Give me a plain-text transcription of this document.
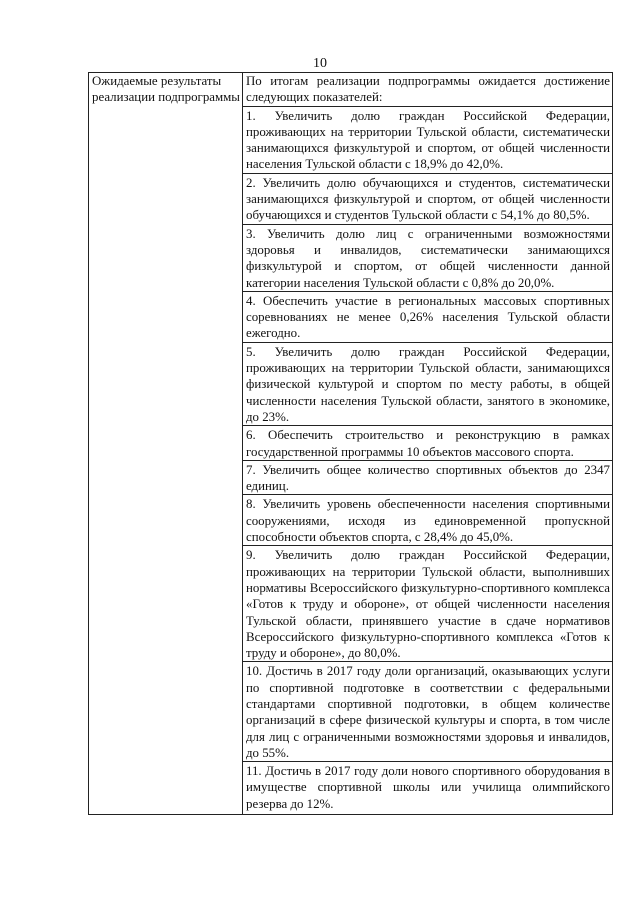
10
Ожидаемые результаты реализации подпрограммы	

По итогам реализации подпрограммы ожидается достижение следующих показателей:

1. Увеличить долю граждан Российской Федерации, проживающих на территории Тульской области, систематически занимающихся физкультурой и спортом, от общей численности населения Тульской области с 18,9% до 42,0%.

2. Увеличить долю обучающихся и студентов, систематически занимающихся физкультурой и спортом, от общей численности обучающихся и студентов Тульской области с 54,1% до 80,5%.

3. Увеличить долю лиц с ограниченными возможностями здоровья и инвалидов, систематически занимающихся физкультурой и спортом, от общей численности данной категории населения Тульской области с 0,8% до 20,0%.

4. Обеспечить участие в региональных массовых спортивных соревнованиях не менее 0,26% населения Тульской области ежегодно.

5. Увеличить долю граждан Российской Федерации, проживающих на территории Тульской области, занимающихся физической культурой и спортом по месту работы, в общей численности населения Тульской области, занятого в экономике, до 23%.

6. Обеспечить строительство и реконструкцию в рамках государственной программы 10 объектов массового спорта.

7. Увеличить общее количество спортивных объектов до 2347 единиц.

8. Увеличить уровень обеспеченности населения спортивными сооружениями, исходя из единовременной пропускной способности объектов спорта, с 28,4% до 45,0%.

9. Увеличить долю граждан Российской Федерации, проживающих на территории Тульской области, выполнивших нормативы Всероссийского физкультурно-спортивного комплекса «Готов к труду и обороне», от общей численности населения Тульской области, принявшего участие в сдаче нормативов Всероссийского физкультурно-спортивного комплекса «Готов к труду и обороне», до 80,0%.

10. Достичь в 2017 году доли организаций, оказывающих услуги по спортивной подготовке в соответствии с федеральными стандартами спортивной подготовки, в общем количестве организаций в сфере физической культуры и спорта, в том числе для лиц с ограниченными возможностями здоровья и инвалидов, до 55%.

11. Достичь в 2017 году доли нового спортивного оборудования в имуществе спортивной школы или училища олимпийского резерва до 12%.
